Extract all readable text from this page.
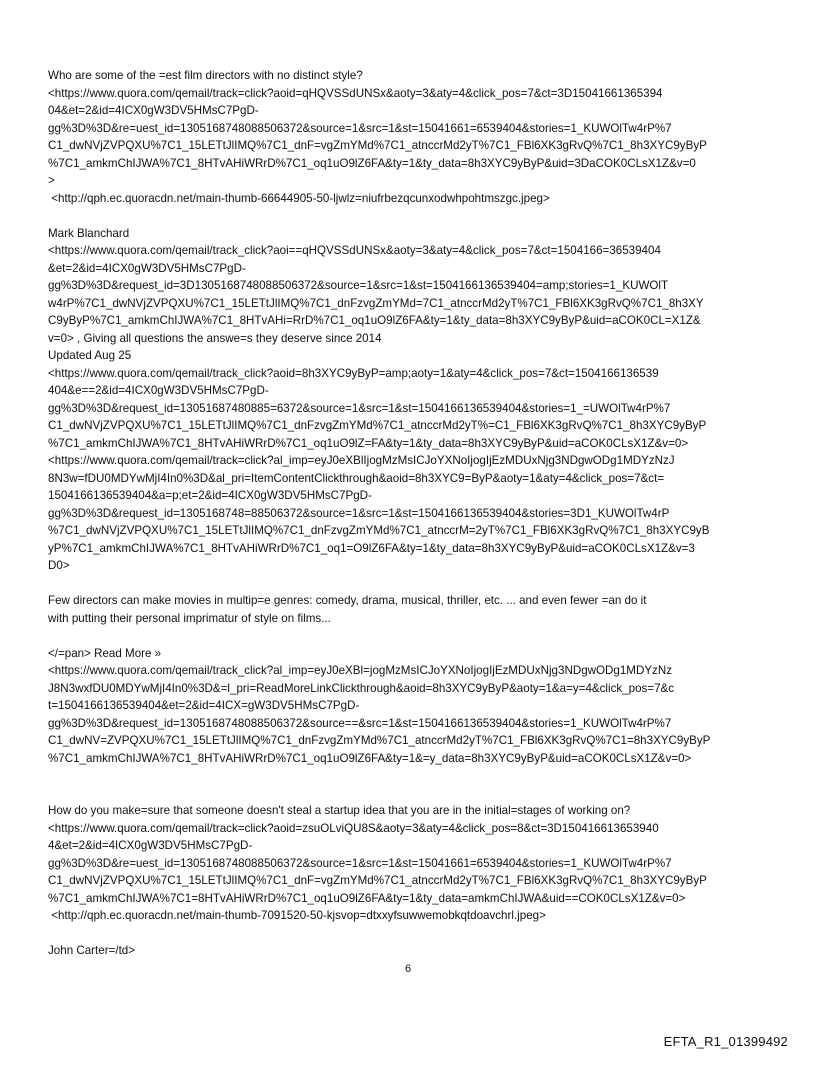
Who are some of the =est film directors with no distinct style?
<https://www.quora.com/qemail/track=click?aoid=qHQVSSdUNSx&aoty=3&aty=4&click_pos=7&ct=3D15041661365394
04&et=2&id=4ICX0gW3DV5HMsC7PgD-
gg%3D%3D&re=uest_id=1305168748088506372&source=1&src=1&st=15041661=6539404&stories=1_KUWOlTw4rP%7
C1_dwNVjZVPQXU%7C1_15LETtJlIMQ%7C1_dnF=vgZmYMd%7C1_atnccrMd2yT%7C1_FBl6XK3gRvQ%7C1_8h3XYC9yByP
%7C1_amkmChIJWA%7C1_8HTvAHiWRrD%7C1_oq1uO9lZ6FA&ty=1&ty_data=8h3XYC9yByP&uid=3DaCOK0CLsX1Z&v=0
>
<http://qph.ec.quoracdn.net/main-thumb-66644905-50-ljwlz=niufrbezqcunxodwhpohtmszgc.jpeg>
Mark Blanchard
<https://www.quora.com/qemail/track_click?aoi==qHQVSSdUNSx&aoty=3&aty=4&click_pos=7&ct=1504166=36539404
&et=2&id=4ICX0gW3DV5HMsC7PgD-
gg%3D%3D&request_id=3D1305168748088506372&source=1&src=1&st=1504166136539404=amp;stories=1_KUWOlT
w4rP%7C1_dwNVjZVPQXU%7C1_15LETtJlIMQ%7C1_dnFzvgZmYMd=7C1_atnccrMd2yT%7C1_FBl6XK3gRvQ%7C1_8h3XY
C9yByP%7C1_amkmChIJWA%7C1_8HTvAHi=RrD%7C1_oq1uO9lZ6FA&ty=1&ty_data=8h3XYC9yByP&uid=aCOK0CL=X1Z&
v=0> , Giving all questions the answe=s they deserve since 2014
Updated Aug 25
<https://www.quora.com/qemail/track_click?aoid=8h3XYC9yByP=amp;aoty=1&aty=4&click_pos=7&ct=1504166136539
404&e==2&id=4ICX0gW3DV5HMsC7PgD-
gg%3D%3D&request_id=13051687480885=6372&source=1&src=1&st=1504166136539404&stories=1_=UWOlTw4rP%7
C1_dwNVjZVPQXU%7C1_15LETtJlIMQ%7C1_dnFzvgZmYMd%7C1_atnccrMd2yT%=C1_FBl6XK3gRvQ%7C1_8h3XYC9yByP
%7C1_amkmChIJWA%7C1_8HTvAHiWRrD%7C1_oq1uO9lZ=FA&ty=1&ty_data=8h3XYC9yByP&uid=aCOK0CLsX1Z&v=0>
<https://www.quora.com/qemail/track=click?al_imp=eyJ0eXBlIjogMzMsICJoYXNoIjogIjEzMDUxNjg3NDgwODg1MDYzNzJ
8N3w=fDU0MDYwMjI4In0%3D&al_pri=ItemContentClickthrough&aoid=8h3XYC9=ByP&aoty=1&aty=4&click_pos=7&ct=
1504166136539404&a=p;et=2&id=4ICX0gW3DV5HMsC7PgD-
gg%3D%3D&request_id=1305168748=88506372&source=1&src=1&st=1504166136539404&stories=3D1_KUWOlTw4rP
%7C1_dwNVjZVPQXU%7C1_15LETtJlIMQ%7C1_dnFzvgZmYMd%7C1_atnccrM=2yT%7C1_FBl6XK3gRvQ%7C1_8h3XYC9yB
yP%7C1_amkmChIJWA%7C1_8HTvAHiWRrD%7C1_oq1=O9lZ6FA&ty=1&ty_data=8h3XYC9yByP&uid=aCOK0CLsX1Z&v=3
D0>
Few directors can make movies in multip=e genres: comedy, drama, musical, thriller, etc. ... and even fewer =an do it
with putting their personal imprimatur of style on films...
</=pan> Read More »
<https://www.quora.com/qemail/track_click?al_imp=eyJ0eXBl=jogMzMsICJoYXNoIjogIjEzMDUxNjg3NDgwODg1MDYzNz
J8N3wxfDU0MDYwMjI4In0%3D&=l_pri=ReadMoreLinkClickthrough&aoid=8h3XYC9yByP&aoty=1&a=y=4&click_pos=7&c
t=1504166136539404&et=2&id=4ICX=gW3DV5HMsC7PgD-
gg%3D%3D&request_id=1305168748088506372&source==&src=1&st=1504166136539404&stories=1_KUWOlTw4rP%7
C1_dwNV=ZVPQXU%7C1_15LETtJlIMQ%7C1_dnFzvgZmYMd%7C1_atnccrMd2yT%7C1_FBl6XK3gRvQ%7C1=8h3XYC9yByP
%7C1_amkmChIJWA%7C1_8HTvAHiWRrD%7C1_oq1uO9lZ6FA&ty=1&=y_data=8h3XYC9yByP&uid=aCOK0CLsX1Z&v=0>
How do you make=sure that someone doesn't steal a startup idea that you are in the initial=stages of working on?
<https://www.quora.com/qemail/track=click?aoid=zsuOLviQU8S&aoty=3&aty=4&click_pos=8&ct=3D150416613653940
4&et=2&id=4ICX0gW3DV5HMsC7PgD-
gg%3D%3D&re=uest_id=1305168748088506372&source=1&src=1&st=15041661=6539404&stories=1_KUWOlTw4rP%7
C1_dwNVjZVPQXU%7C1_15LETtJlIMQ%7C1_dnF=vgZmYMd%7C1_atnccrMd2yT%7C1_FBl6XK3gRvQ%7C1_8h3XYC9yByP
%7C1_amkmChIJWA%7C1=8HTvAHiWRrD%7C1_oq1uO9lZ6FA&ty=1&ty_data=amkmChIJWA&uid==COK0CLsX1Z&v=0>
<http://qph.ec.quoracdn.net/main-thumb-7091520-50-kjsvop=dtxxyfsuwwemobkqtdoavchrl.jpeg>
John Carter=/td>
6
EFTA_R1_01399492
